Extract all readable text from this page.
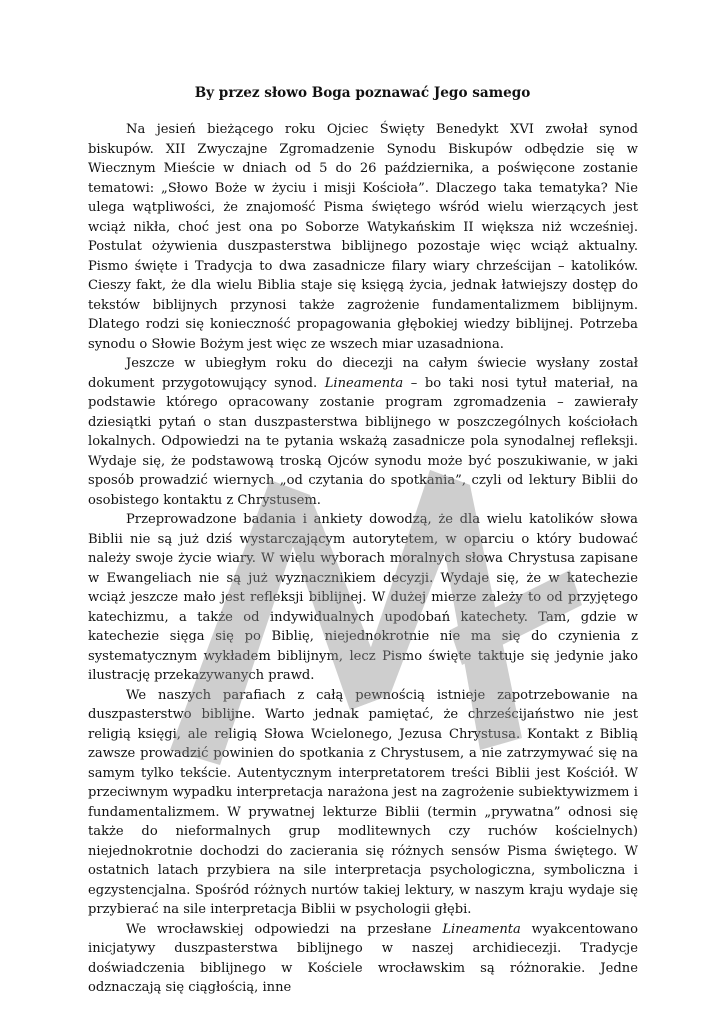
By przez słowo Boga poznawać Jego samego

Na jesień bieżącego roku Ojciec Święty Benedykt XVI zwołał synod biskupów. XII Zwyczajne Zgromadzenie Synodu Biskupów odbędzie się w Wiecznym Mieście w dniach od 5 do 26 października, a poświęcone zostanie tematowi: „Słowo Boże w życiu i misji Kościoła”. Dlaczego taka tematyka? Nie ulega wątpliwości, że znajomość Pisma świętego wśród wielu wierzących jest wciąż nikła, choć jest ona po Soborze Watykańskim II większa niż wcześniej. Postulat ożywienia duszpasterstwa biblijnego pozostaje więc wciąż aktualny. Pismo święte i Tradycja to dwa zasadnicze filary wiary chrześcijan – katolików. Cieszy fakt, że dla wielu Biblia staje się księgą życia, jednak łatwiejszy dostęp do tekstów biblijnych przynosi także zagrożenie fundamentalizmem biblijnym. Dlatego rodzi się konieczność propagowania głębokiej wiedzy biblijnej. Potrzeba synodu o Słowie Bożym jest więc ze wszech miar uzasadniona.

Jeszcze w ubiegłym roku do diecezji na całym świecie wysłany został dokument przygotowujący synod. Lineamenta – bo taki nosi tytuł materiał, na podstawie którego opracowany zostanie program zgromadzenia – zawierały dziesiątki pytań o stan duszpasterstwa biblijnego w poszczególnych kościołach lokalnych. Odpowiedzi na te pytania wskażą zasadnicze pola synodalnej refleksji. Wydaje się, że podstawową troską Ojców synodu może być poszukiwanie, w jaki sposób prowadzić wiernych „od czytania do spotkania”, czyli od lektury Biblii do osobistego kontaktu z Chrystusem.

Przeprowadzone badania i ankiety dowodzą, że dla wielu katolików słowa Biblii nie są już dziś wystarczającym autorytetem, w oparciu o który budować należy swoje życie wiary. W wielu wyborach moralnych słowa Chrystusa zapisane w Ewangeliach nie są już wyznacznikiem decyzji. Wydaje się, że w katechezie wciąż jeszcze mało jest refleksji biblijnej. W dużej mierze zależy to od przyjętego katechizmu, a także od indywidualnych upodobań katechety. Tam, gdzie w katechezie sięga się po Biblię, niejednokrotnie nie ma się do czynienia z systematycznym wykładem biblijnym, lecz Pismo święte taktuje się jedynie jako ilustrację przekazywanych prawd.

We naszych parafiach z całą pewnością istnieje zapotrzebowanie na duszpasterstwo biblijne. Warto jednak pamiętać, że chrześcijaństwo nie jest religią księgi, ale religią Słowa Wcielonego, Jezusa Chrystusa. Kontakt z Biblią zawsze prowadzić powinien do spotkania z Chrystusem, a nie zatrzymywać się na samym tylko tekście. Autentycznym interpretatorem treści Biblii jest Kościół. W przeciwnym wypadku interpretacja narażona jest na zagrożenie subiektywizmem i fundamentalizmem. W prywatnej lekturze Biblii (termin „prywatna” odnosi się także do nieformalnych grup modlitewnych czy ruchów kościelnych) niejednokrotnie dochodzi do zacierania się różnych sensów Pisma świętego. W ostatnich latach przybiera na sile interpretacja psychologiczna, symboliczna i egzystencjalna. Spośród różnych nurtów takiej lektury, w naszym kraju wydaje się przybierać na sile interpretacja Biblii w psychologii głębi.

We wrocławskiej odpowiedzi na przesłane Lineamenta wyakcentowano inicjatywy duszpasterstwa biblijnego w naszej archidiecezji. Tradycje doświadczenia biblijnego w Kościele wrocławskim są różnorakie. Jedne odznaczają się ciągłością, inne
